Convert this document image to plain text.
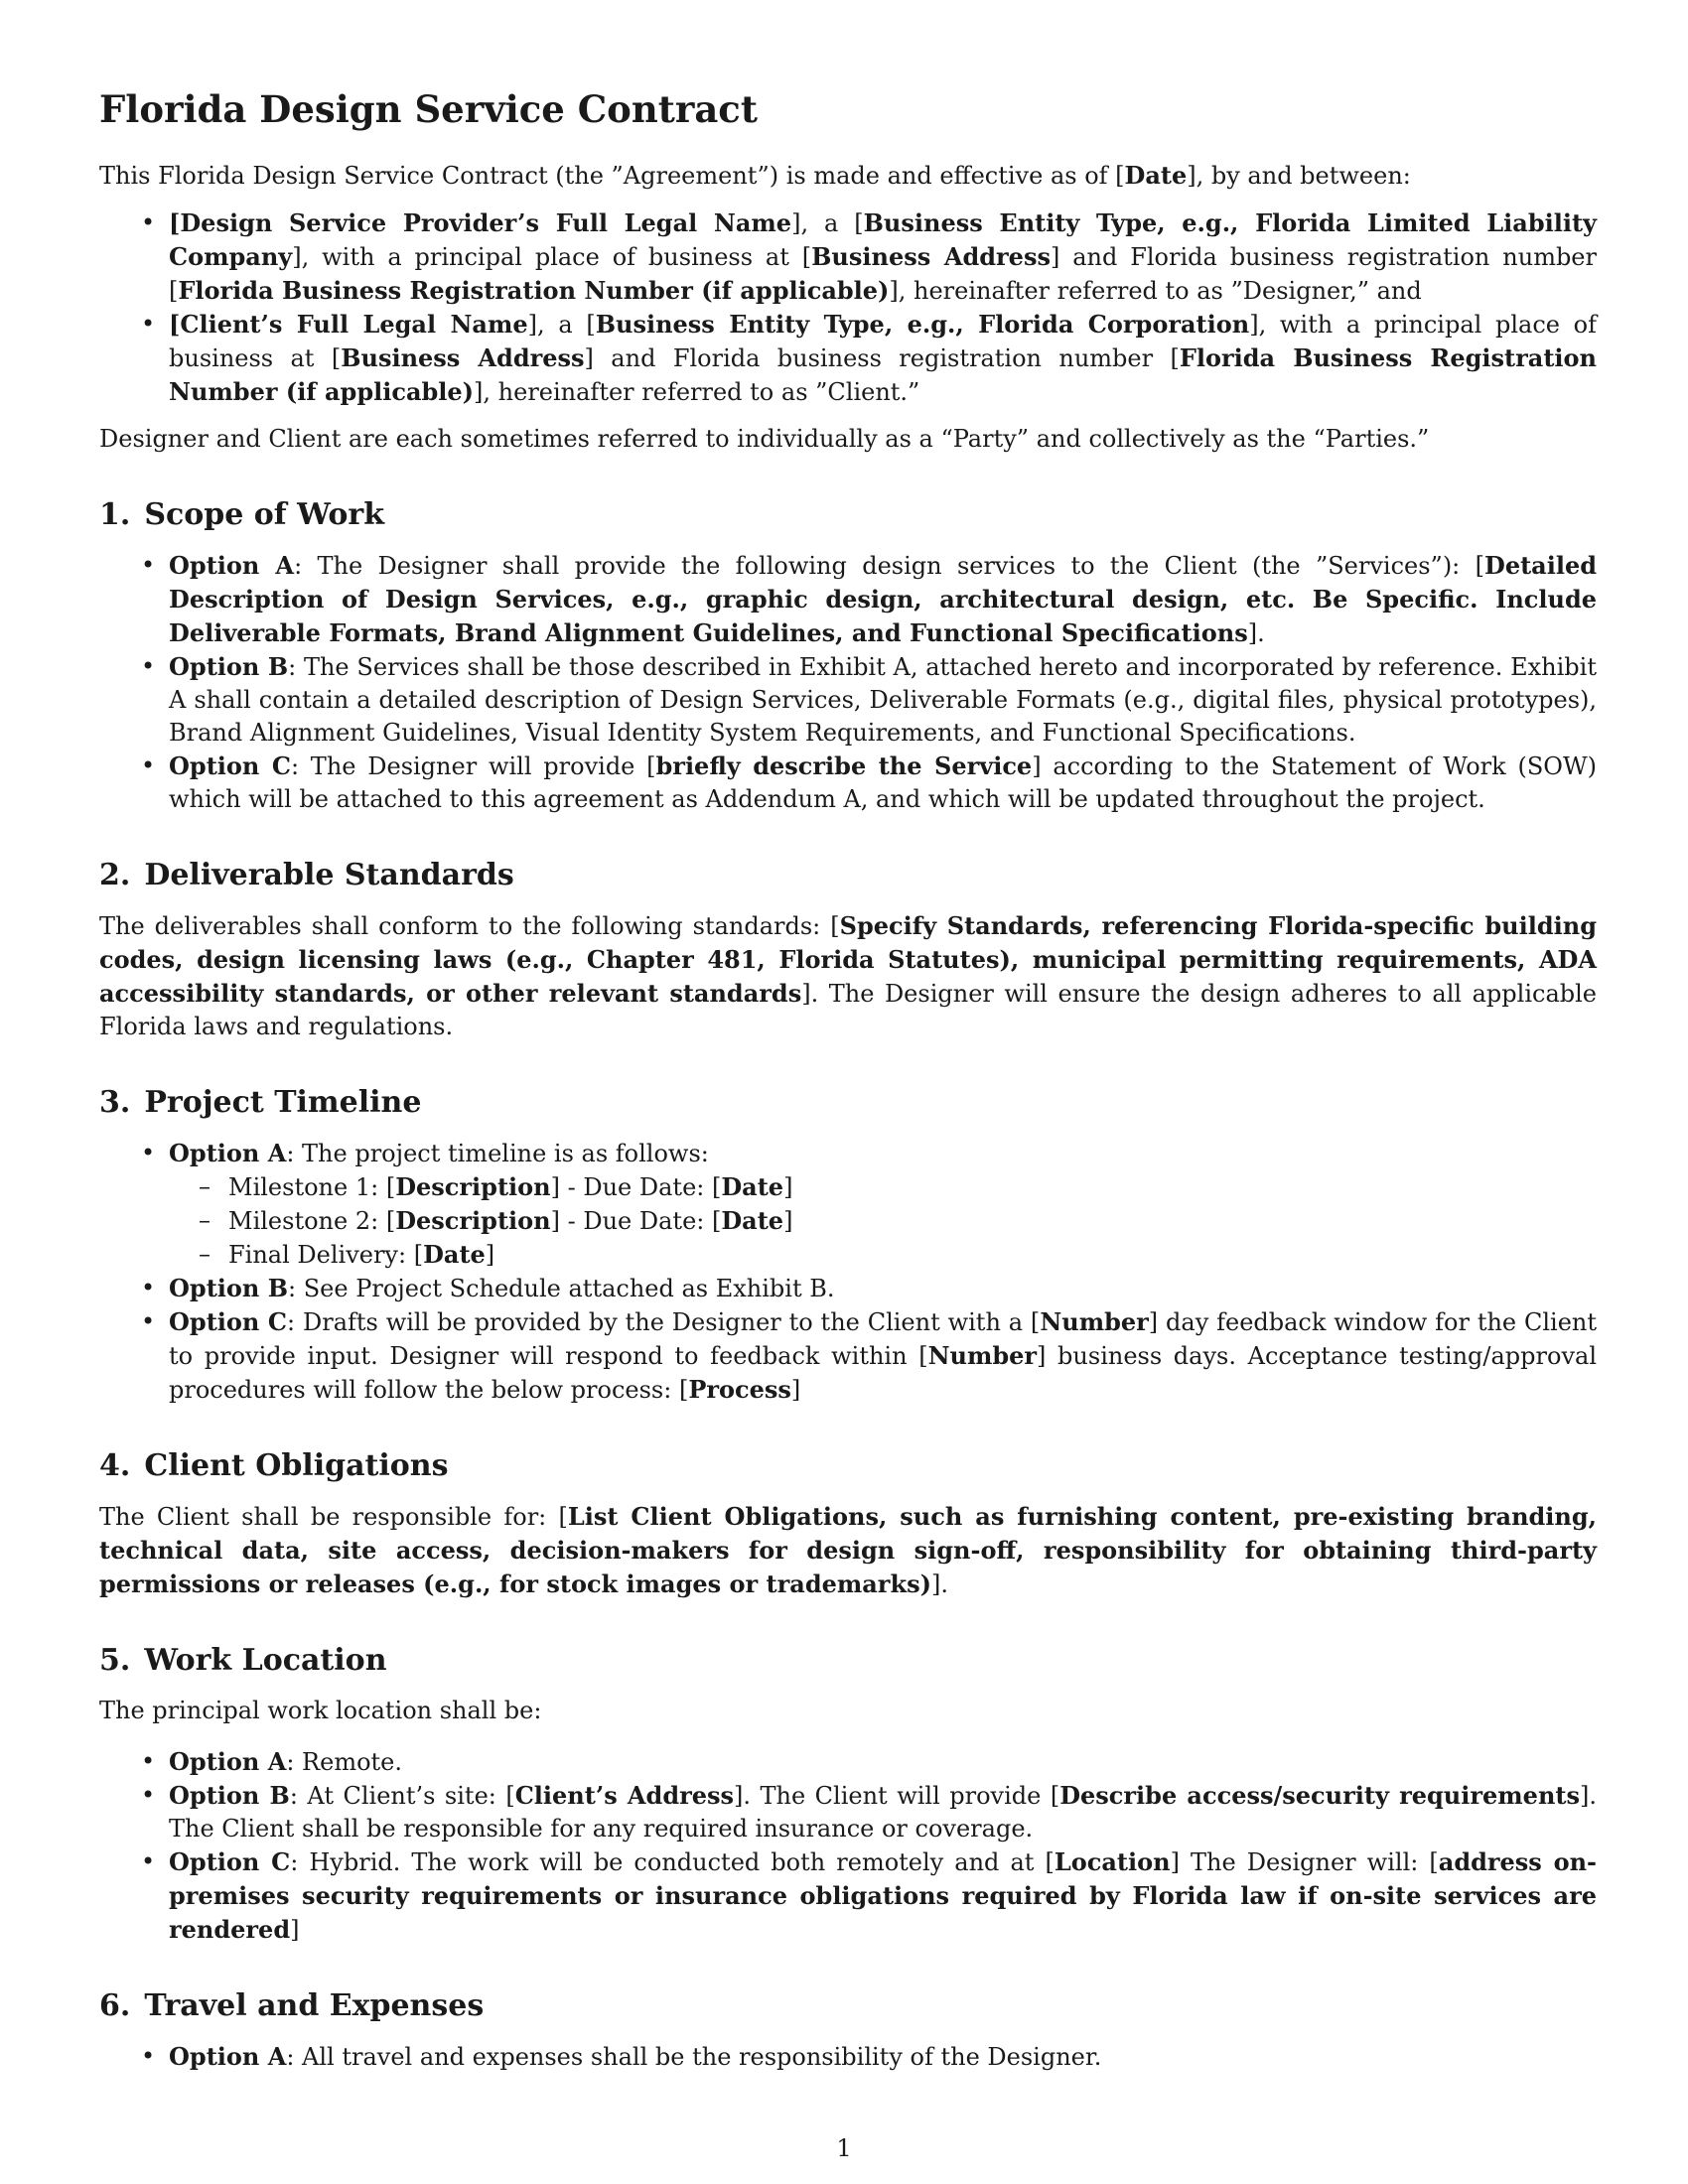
Florida Design Service Contract

This Florida Design Service Contract (the ”Agreement”) is made and effective as of [Date], by and between:

• [Design Service Provider’s Full Legal Name], a [Business Entity Type, e.g., Florida Limited Liability Company], with a principal place of business at [Business Address] and Florida business registration number [Florida Business Registration Number (if applicable)], hereinafter referred to as ”Designer,” and
• [Client’s Full Legal Name], a [Business Entity Type, e.g., Florida Corporation], with a principal place of business at [Business Address] and Florida business registration number [Florida Business Registration Number (if applicable)], hereinafter referred to as ”Client.”

Designer and Client are each sometimes referred to individually as a “Party” and collectively as the “Parties.”

1. Scope of Work
• Option A: The Designer shall provide the following design services to the Client (the ”Services”): [Detailed Description of Design Services, e.g., graphic design, architectural design, etc. Be Specific. Include Deliverable Formats, Brand Alignment Guidelines, and Functional Specifications].
• Option B: The Services shall be those described in Exhibit A, attached hereto and incorporated by reference. Exhibit A shall contain a detailed description of Design Services, Deliverable Formats (e.g., digital files, physical prototypes), Brand Alignment Guidelines, Visual Identity System Requirements, and Functional Specifications.
• Option C: The Designer will provide [briefly describe the Service] according to the Statement of Work (SOW) which will be attached to this agreement as Addendum A, and which will be updated throughout the project.
2. Deliverable Standards

The deliverables shall conform to the following standards: [Specify Standards, referencing Florida-specific building codes, design licensing laws (e.g., Chapter 481, Florida Statutes), municipal permitting requirements, ADA accessibility standards, or other relevant standards]. The Designer will ensure the design adheres to all applicable Florida laws and regulations.

3. Project Timeline
• Option A: The project timeline is as follows:
– Milestone 1: [Description] - Due Date: [Date]
– Milestone 2: [Description] - Due Date: [Date]
– Final Delivery: [Date]
• Option B: See Project Schedule attached as Exhibit B.
• Option C: Drafts will be provided by the Designer to the Client with a [Number] day feedback window for the Client to provide input. Designer will respond to feedback within [Number] business days. Acceptance testing/approval procedures will follow the below process: [Process]
4. Client Obligations

The Client shall be responsible for: [List Client Obligations, such as furnishing content, pre-existing branding, technical data, site access, decision-makers for design sign-off, responsibility for obtaining third-party permissions or releases (e.g., for stock images or trademarks)].

5. Work Location

The principal work location shall be:

• Option A: Remote.
• Option B: At Client’s site: [Client’s Address]. The Client will provide [Describe access/security requirements]. The Client shall be responsible for any required insurance or coverage.
• Option C: Hybrid. The work will be conducted both remotely and at [Location] The Designer will: [address on-premises security requirements or insurance obligations required by Florida law if on-site services are rendered]
6. Travel and Expenses
• Option A: All travel and expenses shall be the responsibility of the Designer.
1
